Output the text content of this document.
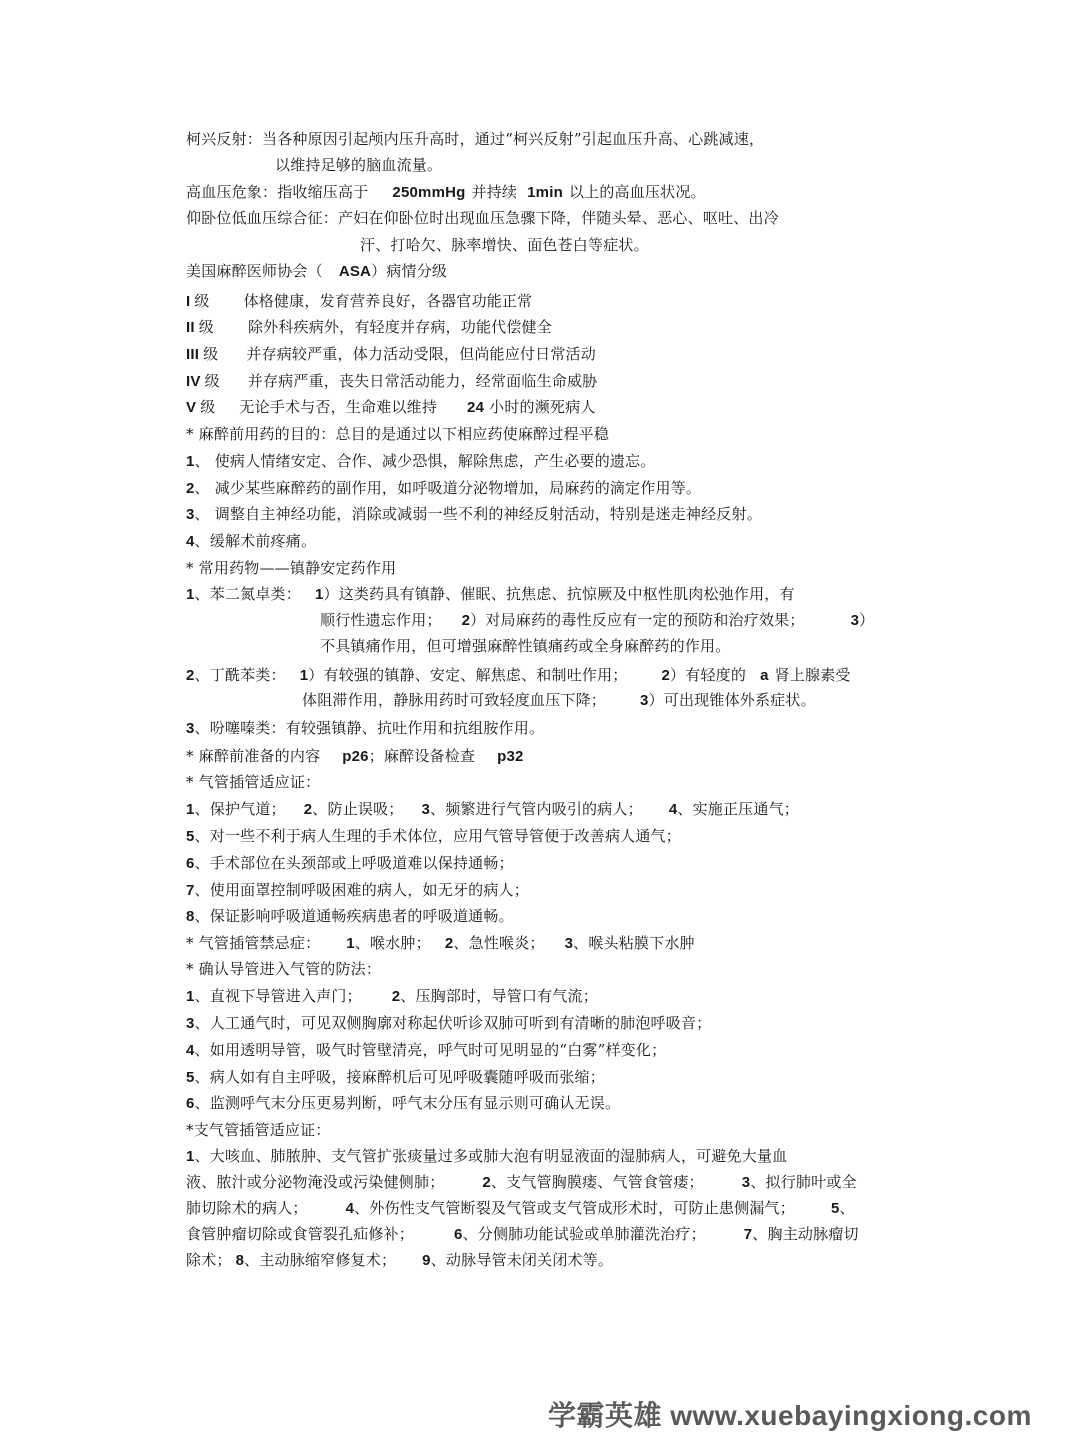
柯兴反射：当各种原因引起颅内压升高时，通过“柯兴反射”引起血压升高、心跳减速，
以维持足够的脑血流量。
高血压危象：指收缩压高于 250mmHg 并持续 1min 以上的高血压状况。
仰卧位低血压综合征：产妇在仰卧位时出现血压急骤下降，伴随头晕、恶心、呕吐、出冷
汗、打哈欠、脉率增快、面色苍白等症状。
美国麻醉医师协会（ ASA）病情分级
I 级 体格健康，发育营养良好，各器官功能正常
II 级 除外科疾病外，有轻度并存病，功能代偿健全
III 级 并存病较严重，体力活动受限，但尚能应付日常活动
IV 级 并存病严重，丧失日常活动能力，经常面临生命威胁
V 级 无论手术与否，生命难以维持 24 小时的濒死病人
* 麻醉前用药的目的：总目的是通过以下相应药使麻醉过程平稳
1、 使病人情绪安定、合作、减少恐惧，解除焦虑，产生必要的遗忘。
2、 减少某些麻醉药的副作用，如呼吸道分泌物增加，局麻药的滴定作用等。
3、 调整自主神经功能，消除或减弱一些不利的神经反射活动，特别是迷走神经反射。
4、缓解术前疼痛。
* 常用药物——镇静安定药作用
1、苯二氮卓类： 1）这类药具有镇静、催眠、抗焦虑、抗惊厥及中枢性肌肉松弛作用，有
顺行性遗忘作用； 2）对局麻药的毒性反应有一定的预防和治疗效果；	3）
不具镇痛作用，但可增强麻醉性镇痛药或全身麻醉药的作用。
2、丁酰苯类： 1）有较强的镇静、安定、解焦虑、和制吐作用； 2）有轻度的 a 肾上腺素受
体阻滞作用，静脉用药时可致轻度血压下降； 3）可出现锥体外系症状。
3、吩噻嗪类：有较强镇静、抗吐作用和抗组胺作用。
* 麻醉前准备的内容 p26；麻醉设备检查 p32
* 气管插管适应证：
1、保护气道； 2、防止误吸； 3、频繁进行气管内吸引的病人； 4、实施正压通气；
5、对一些不利于病人生理的手术体位，应用气管导管便于改善病人通气；
6、手术部位在头颈部或上呼吸道难以保持通畅；
7、使用面罩控制呼吸困难的病人，如无牙的病人；
8、保证影响呼吸道通畅疾病患者的呼吸道通畅。
* 气管插管禁忌症： 1、喉水肿； 2、急性喉炎； 3、喉头粘膜下水肿
* 确认导管进入气管的防法：
1、直视下导管进入声门； 2、压胸部时，导管口有气流；
3、人工通气时，可见双侧胸廓对称起伏听诊双肺可听到有清晰的肺泡呼吸音；
4、如用透明导管，吸气时管壁清亮，呼气时可见明显的“白雾”样变化；
5、病人如有自主呼吸，接麻醉机后可见呼吸囊随呼吸而张缩；
6、监测呼气末分压更易判断，呼气末分压有显示则可确认无误。
*支气管插管适应证：
1、大咳血、肺脓肿、支气管扩张痰量过多或肺大泡有明显液面的湿肺病人，可避免大量血
液、脓汁或分泌物淹没或污染健侧肺；	2、支气管胸膜瘘、气管食管瘘；	3、拟行肺叶或全
肺切除术的病人；	4、外伤性支气管断裂及气管或支气管成形术时，可防止患侧漏气； 5、
食管肿瘤切除或食管裂孔疝修补；	6、分侧肺功能试验或单肺灌洗治疗；	7、胸主动脉瘤切
除术； 8、主动脉缩窄修复术； 9、动脉导管未闭关闭术等。
学霸英雄 www.xuebayingxiong.com
